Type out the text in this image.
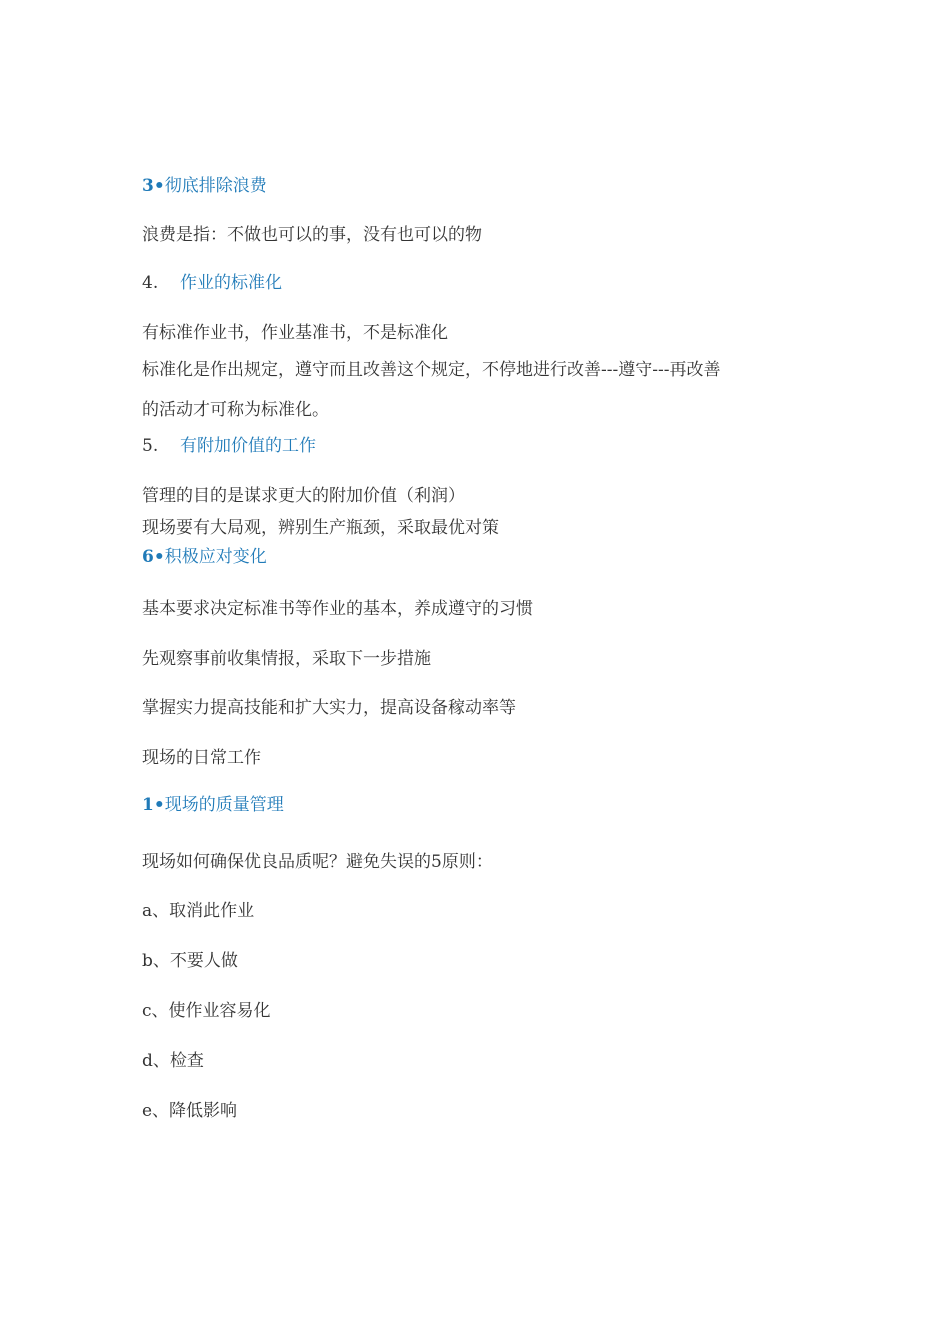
3•彻底排除浪费

浪费是指：不做也可以的事，没有也可以的物

4. 作业的标准化

有标准作业书，作业基准书，不是标准化

标准化是作出规定，遵守而且改善这个规定，不停地进行改善---遵守---再改善

的活动才可称为标准化。

5. 有附加价值的工作

管理的目的是谋求更大的附加价值（利润）

现场要有大局观，辨别生产瓶颈，采取最优对策

6•积极应对变化

基本要求决定标准书等作业的基本，养成遵守的习惯

先观察事前收集情报，采取下一步措施

掌握实力提高技能和扩大实力，提高设备稼动率等

现场的日常工作

1•现场的质量管理

现场如何确保优良品质呢？避免失误的5原则：

a、取消此作业

b、不要人做

c、使作业容易化

d、检查

e、降低影响
